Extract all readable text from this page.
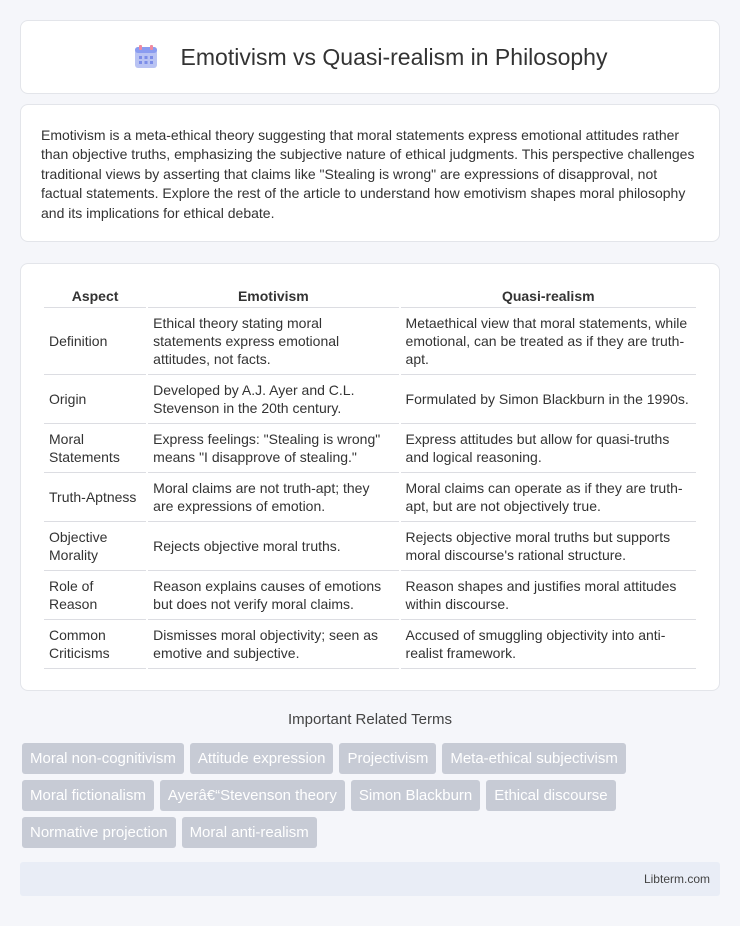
Emotivism vs Quasi-realism in Philosophy

Emotivism is a meta-ethical theory suggesting that moral statements express emotional attitudes rather than objective truths, emphasizing the subjective nature of ethical judgments. This perspective challenges traditional views by asserting that claims like "Stealing is wrong" are expressions of disapproval, not factual statements. Explore the rest of the article to understand how emotivism shapes moral philosophy and its implications for ethical debate.

Aspect	Emotivism	Quasi-realism
Definition	Ethical theory stating moral statements express emotional attitudes, not facts.	Metaethical view that moral statements, while emotional, can be treated as if they are truth-apt.
Origin	Developed by A.J. Ayer and C.L. Stevenson in the 20th century.	Formulated by Simon Blackburn in the 1990s.
Moral Statements	Express feelings: "Stealing is wrong" means "I disapprove of stealing."	Express attitudes but allow for quasi-truths and logical reasoning.
Truth-Aptness	Moral claims are not truth-apt; they are expressions of emotion.	Moral claims can operate as if they are truth-apt, but are not objectively true.
Objective Morality	Rejects objective moral truths.	Rejects objective moral truths but supports moral discourse's rational structure.
Role of Reason	Reason explains causes of emotions but does not verify moral claims.	Reason shapes and justifies moral attitudes within discourse.
Common Criticisms	Dismisses moral objectivity; seen as emotive and subjective.	Accused of smuggling objectivity into anti-realist framework.
Important Related Terms
Moral non-cognitivism	Attitude expression	Projectivism	Meta-ethical subjectivism
Moral fictionalism	Ayerâ€“Stevenson theory	Simon Blackburn	Ethical discourse
Normative projection	Moral anti-realism
Libterm.com
